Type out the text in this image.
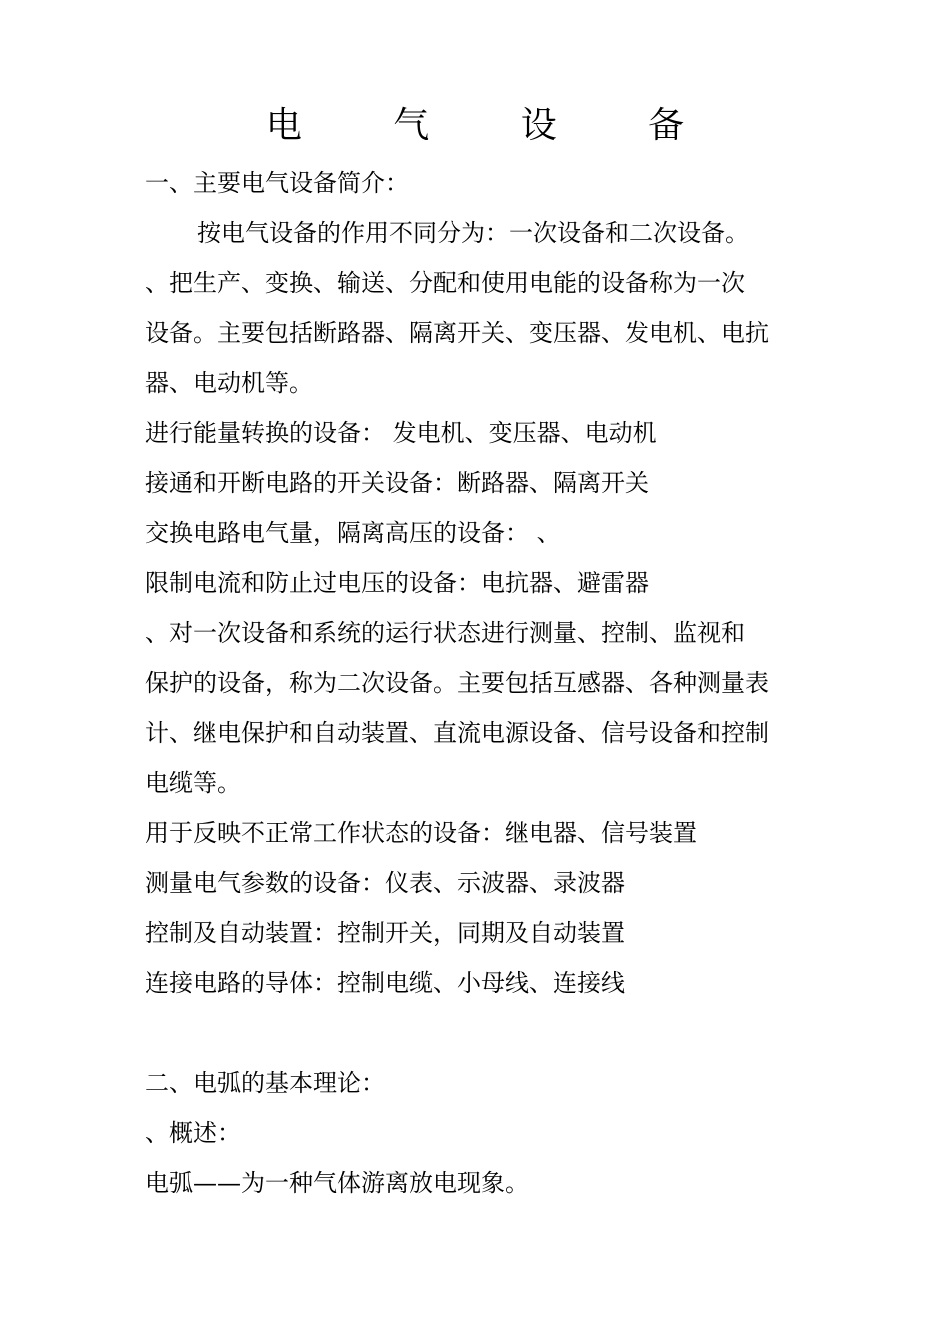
电 气 设 备
一、主要电气设备简介：
按电气设备的作用不同分为：一次设备和二次设备。
、把生产、变换、输送、分配和使用电能的设备称为一次
设备。主要包括断路器、隔离开关、变压器、发电机、电抗
器、电动机等。
进行能量转换的设备： 发电机、变压器、电动机
接通和开断电路的开关设备：断路器、隔离开关
交换电路电气量，隔离高压的设备： 、
限制电流和防止过电压的设备：电抗器、避雷器
、对一次设备和系统的运行状态进行测量、控制、监视和
保护的设备，称为二次设备。主要包括互感器、各种测量表
计、继电保护和自动装置、直流电源设备、信号设备和控制
电缆等。
用于反映不正常工作状态的设备：继电器、信号装置
测量电气参数的设备：仪表、示波器、录波器
控制及自动装置：控制开关，同期及自动装置
连接电路的导体：控制电缆、小母线、连接线
二、电弧的基本理论：
、概述：
电弧——为一种气体游离放电现象。
